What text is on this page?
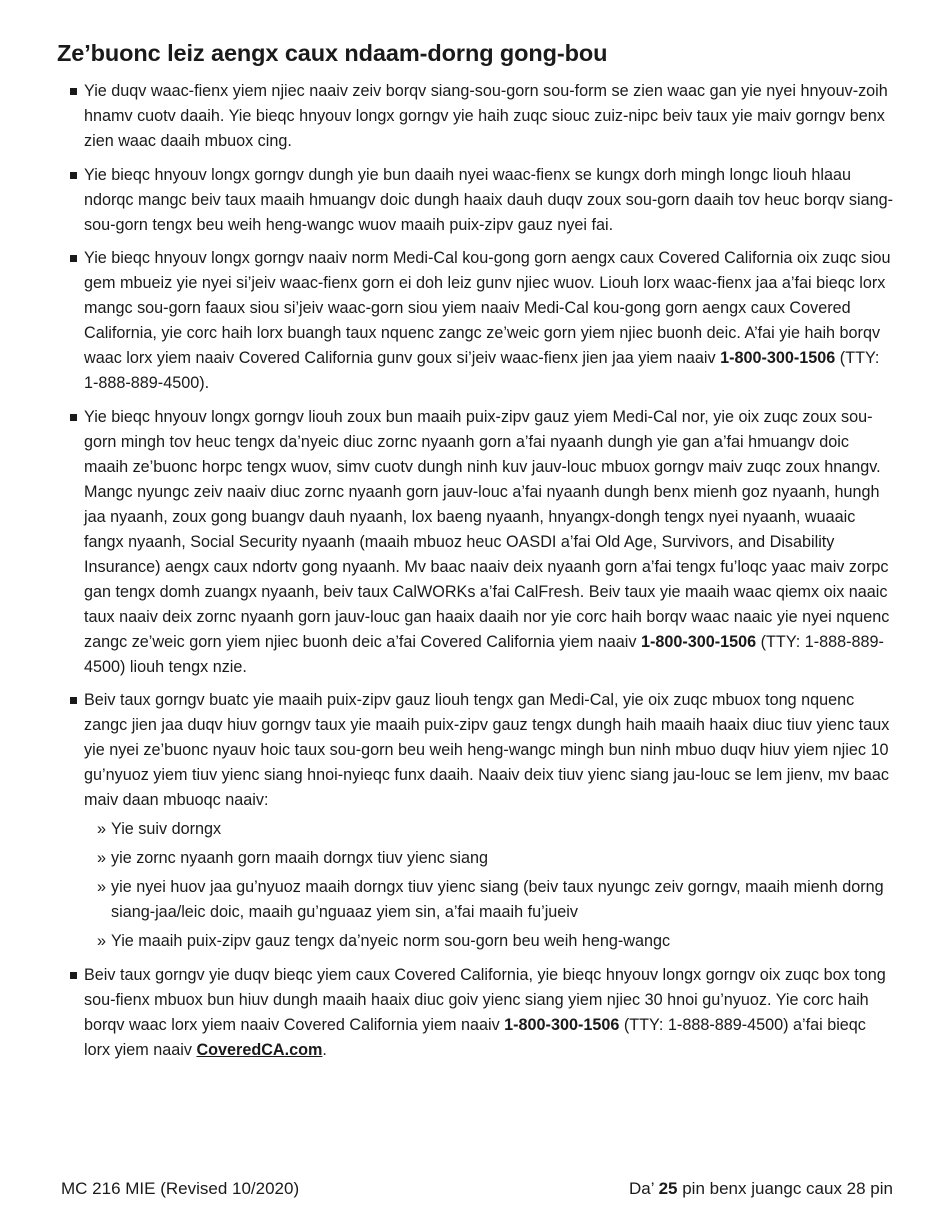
Ze’buonc leiz aengx caux ndaam-dorng gong-bou
Yie duqv waac-fienx yiem njiec naaiv zeiv borqv siang-sou-gorn sou-form se zien waac gan yie nyei hnyouv-zoih hnamv cuotv daaih. Yie bieqc hnyouv longx gorngv yie haih zuqc siouc zuiz-nipc beiv taux yie maiv gorngv benx zien waac daaih mbuox cing.
Yie bieqc hnyouv longx gorngv dungh yie bun daaih nyei waac-fienx se kungx dorh mingh longc liouh hlaau ndorqc mangc beiv taux maaih hmuangv doic dungh haaix dauh duqv zoux sou-gorn daaih tov heuc borqv siang-sou-gorn tengx beu weih heng-wangc wuov maaih puix-zipv gauz nyei fai.
Yie bieqc hnyouv longx gorngv naaiv norm Medi-Cal kou-gong gorn aengx caux Covered California oix zuqc siou gem mbueiz yie nyei si’jeiv waac-fienx gorn ei doh leiz gunv njiec wuov. Liouh lorx waac-fienx jaa a’fai bieqc lorx mangc sou-gorn faaux siou si’jeiv waac-gorn siou yiem naaiv Medi-Cal kou-gong gorn aengx caux Covered California, yie corc haih lorx buangh taux nquenc zangc ze’weic gorn yiem njiec buonh deic. A’fai yie haih borqv waac lorx yiem naaiv Covered California gunv goux si’jeiv waac-fienx jien jaa yiem naaiv 1-800-300-1506 (TTY: 1-888-889-4500).
Yie bieqc hnyouv longx gorngv liouh zoux bun maaih puix-zipv gauz yiem Medi-Cal nor, yie oix zuqc zoux sou-gorn mingh tov heuc tengx da’nyeic diuc zornc nyaanh gorn a’fai nyaanh dungh yie gan a’fai hmuangv doic maaih ze’buonc horpc tengx wuov, simv cuotv dungh ninh kuv jauv-louc mbuox gorngv maiv zuqc zoux hnangv. Mangc nyungc zeiv naaiv diuc zornc nyaanh gorn jauv-louc a’fai nyaanh dungh benx mienh goz nyaanh, hungh jaa nyaanh, zoux gong buangv dauh nyaanh, lox baeng nyaanh, hnyangx-dongh tengx nyei nyaanh, wuaaic fangx nyaanh, Social Security nyaanh (maaih mbuoz heuc OASDI a’fai Old Age, Survivors, and Disability Insurance) aengx caux ndortv gong nyaanh. Mv baac naaiv deix nyaanh gorn a’fai tengx fu’loqc yaac maiv zorpc gan tengx domh zuangx nyaanh, beiv taux CalWORKs a’fai CalFresh. Beiv taux yie maaih waac qiemx oix naaic taux naaiv deix zornc nyaanh gorn jauv-louc gan haaix daaih nor yie corc haih borqv waac naaic yie nyei nquenc zangc ze’weic gorn yiem njiec buonh deic a’fai Covered California yiem naaiv 1-800-300-1506 (TTY: 1-888-889-4500) liouh tengx nzie.
Beiv taux gorngv buatc yie maaih puix-zipv gauz liouh tengx gan Medi-Cal, yie oix zuqc mbuox tong nquenc zangc jien jaa duqv hiuv gorngv taux yie maaih puix-zipv gauz tengx dungh haih maaih haaix diuc tiuv yienc taux yie nyei ze’buonc nyauv hoic taux sou-gorn beu weih heng-wangc mingh bun ninh mbuo duqv hiuv yiem njiec 10 gu’nyuoz yiem tiuv yienc siang hnoi-nyieqc funx daaih. Naaiv deix tiuv yienc siang jau-louc se lem jienv, mv baac maiv daan mbuoqc naaiv:
» Yie suiv dorngx
» yie zornc nyaanh gorn maaih dorngx tiuv yienc siang
» yie nyei huov jaa gu’nyuoz maaih dorngx tiuv yienc siang (beiv taux nyungc zeiv gorngv, maaih mienh dorng siang-jaa/leic doic, maaih gu’nguaaz yiem sin, a’fai maaih fu’jueiv
» Yie maaih puix-zipv gauz tengx da’nyeic norm sou-gorn beu weih heng-wangc
Beiv taux gorngv yie duqv bieqc yiem caux Covered California, yie bieqc hnyouv longx gorngv oix zuqc box tong sou-fienx mbuox bun hiuv dungh maaih haaix diuc goiv yienc siang yiem njiec 30 hnoi gu’nyuoz. Yie corc haih borqv waac lorx yiem naaiv Covered California yiem naaiv 1-800-300-1506 (TTY: 1-888-889-4500) a’fai bieqc lorx yiem naaiv CoveredCA.com.
MC 216 MIE (Revised 10/2020)	Da’ 25 pin benx juangc caux 28 pin
